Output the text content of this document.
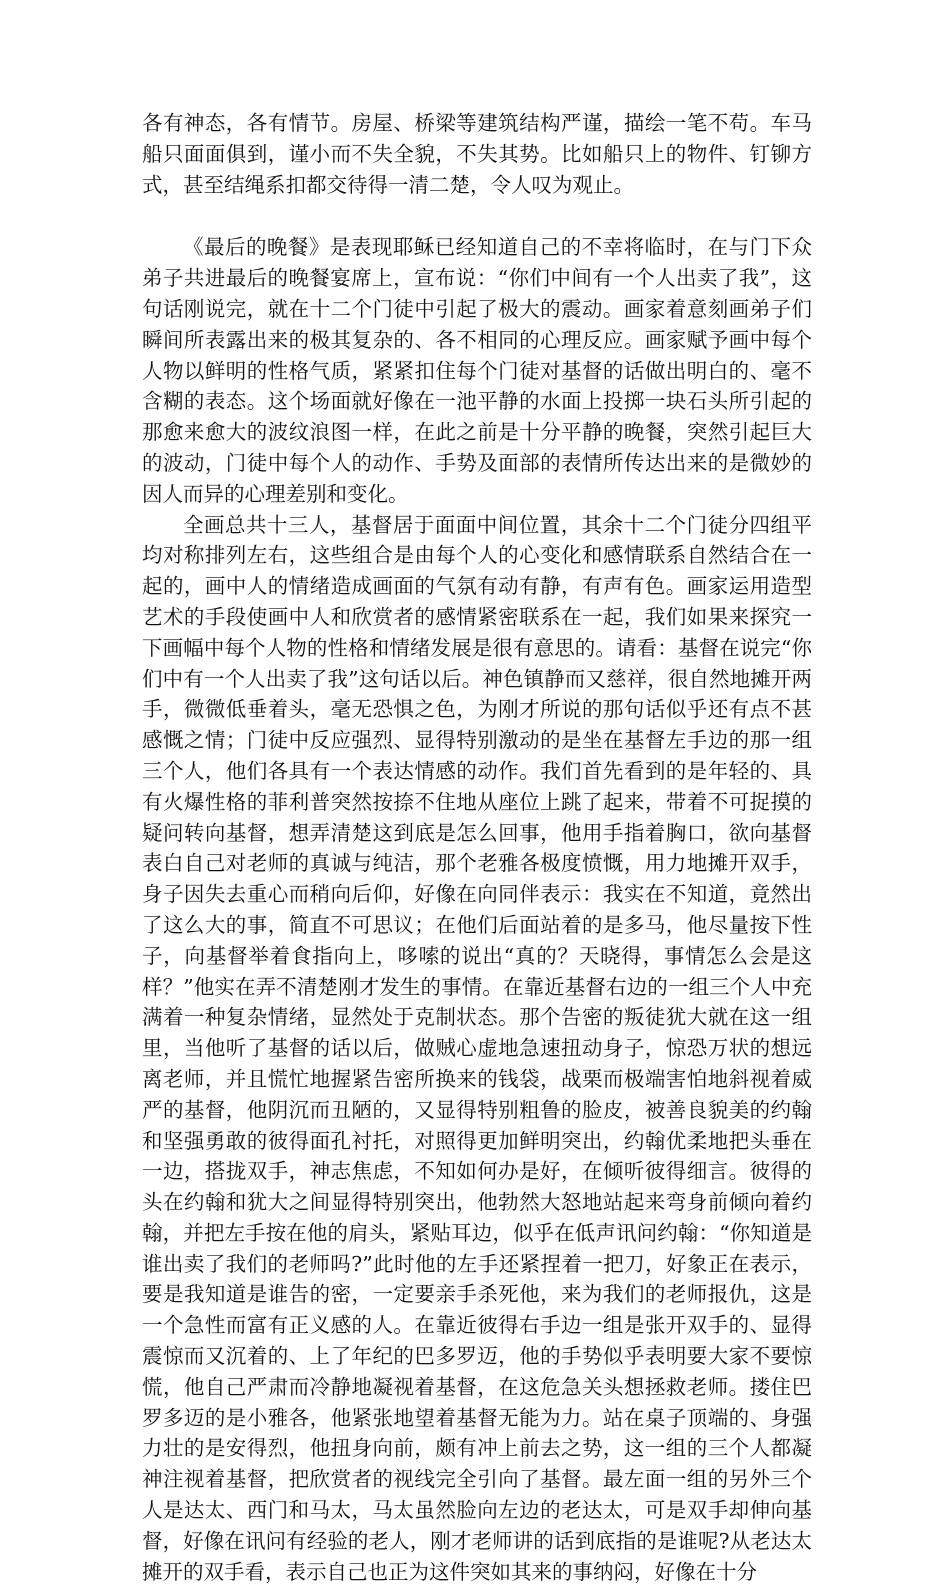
各有神态，各有情节。房屋、桥梁等建筑结构严谨，描绘一笔不苟。车马船只面面俱到，谨小而不失全貌，不失其势。比如船只上的物件、钉铆方式，甚至结绳系扣都交待得一清二楚，令人叹为观止。

《最后的晚餐》是表现耶稣已经知道自己的不幸将临时，在与门下众弟子共进最后的晚餐宴席上，宣布说：“你们中间有一个人出卖了我”，这句话刚说完，就在十二个门徒中引起了极大的震动。画家着意刻画弟子们瞬间所表露出来的极其复杂的、各不相同的心理反应。画家赋予画中每个人物以鲜明的性格气质，紧紧扣住每个门徒对基督的话做出明白的、毫不含糊的表态。这个场面就好像在一池平静的水面上投掷一块石头所引起的那愈来愈大的波纹浪图一样，在此之前是十分平静的晚餐，突然引起巨大的波动，门徒中每个人的动作、手势及面部的表情所传达出来的是微妙的因人而异的心理差别和变化。

全画总共十三人，基督居于面面中间位置，其余十二个门徒分四组平均对称排列左右，这些组合是由每个人的心变化和感情联系自然结合在一起的，画中人的情绪造成画面的气氛有动有静，有声有色。画家运用造型艺术的手段使画中人和欣赏者的感情紧密联系在一起，我们如果来探究一下画幅中每个人物的性格和情绪发展是很有意思的。请看：基督在说完“你们中有一个人出卖了我”这句话以后。神色镇静而又慈祥，很自然地摊开两手，微微低垂着头，毫无恐惧之色，为刚才所说的那句话似乎还有点不甚感慨之情；门徒中反应强烈、显得特别激动的是坐在基督左手边的那一组三个人，他们各具有一个表达情感的动作。我们首先看到的是年轻的、具有火爆性格的菲利普突然按捺不住地从座位上跳了起来，带着不可捉摸的疑问转向基督，想弄清楚这到底是怎么回事，他用手指着胸口，欲向基督表白自己对老师的真诚与纯洁，那个老雅各极度愤慨，用力地摊开双手，身子因失去重心而稍向后仰，好像在向同伴表示：我实在不知道，竟然出了这么大的事，简直不可思议；在他们后面站着的是多马，他尽量按下性子，向基督举着食指向上，哆嗦的说出“真的？天晓得，事情怎么会是这样？”他实在弄不清楚刚才发生的事情。在靠近基督右边的一组三个人中充满着一种复杂情绪，显然处于克制状态。那个告密的叛徒犹大就在这一组里，当他听了基督的话以后，做贼心虚地急速扭动身子，惊恐万状的想远离老师，并且慌忙地握紧告密所换来的钱袋，战栗而极端害怕地斜视着威严的基督，他阴沉而丑陋的，又显得特别粗鲁的脸皮，被善良貌美的约翰和坚强勇敢的彼得面孔衬托，对照得更加鲜明突出，约翰优柔地把头垂在一边，搭拢双手，神志焦虑，不知如何办是好，在倾听彼得细言。彼得的头在约翰和犹大之间显得特别突出，他勃然大怒地站起来弯身前倾向着约翰，并把左手按在他的肩头，紧贴耳边，似乎在低声讯问约翰：“你知道是谁出卖了我们的老师吗?”此时他的左手还紧捏着一把刀，好象正在表示，要是我知道是谁告的密，一定要亲手杀死他，来为我们的老师报仇，这是一个急性而富有正义感的人。在靠近彼得右手边一组是张开双手的、显得震惊而又沉着的、上了年纪的巴多罗迈，他的手势似乎表明要大家不要惊慌，他自己严肃而冷静地凝视着基督，在这危急关头想拯救老师。搂住巴罗多迈的是小雅各，他紧张地望着基督无能为力。站在桌子顶端的、身强力壮的是安得烈，他扭身向前，颇有冲上前去之势，这一组的三个人都凝神注视着基督，把欣赏者的视线完全引向了基督。最左面一组的另外三个人是达太、西门和马太，马太虽然脸向左边的老达太，可是双手却伸向基督，好像在讯问有经验的老人，刚才老师讲的话到底指的是谁呢?从老达太摊开的双手看，表示自己也正为这件突如其来的事纳闷，好像在十分
